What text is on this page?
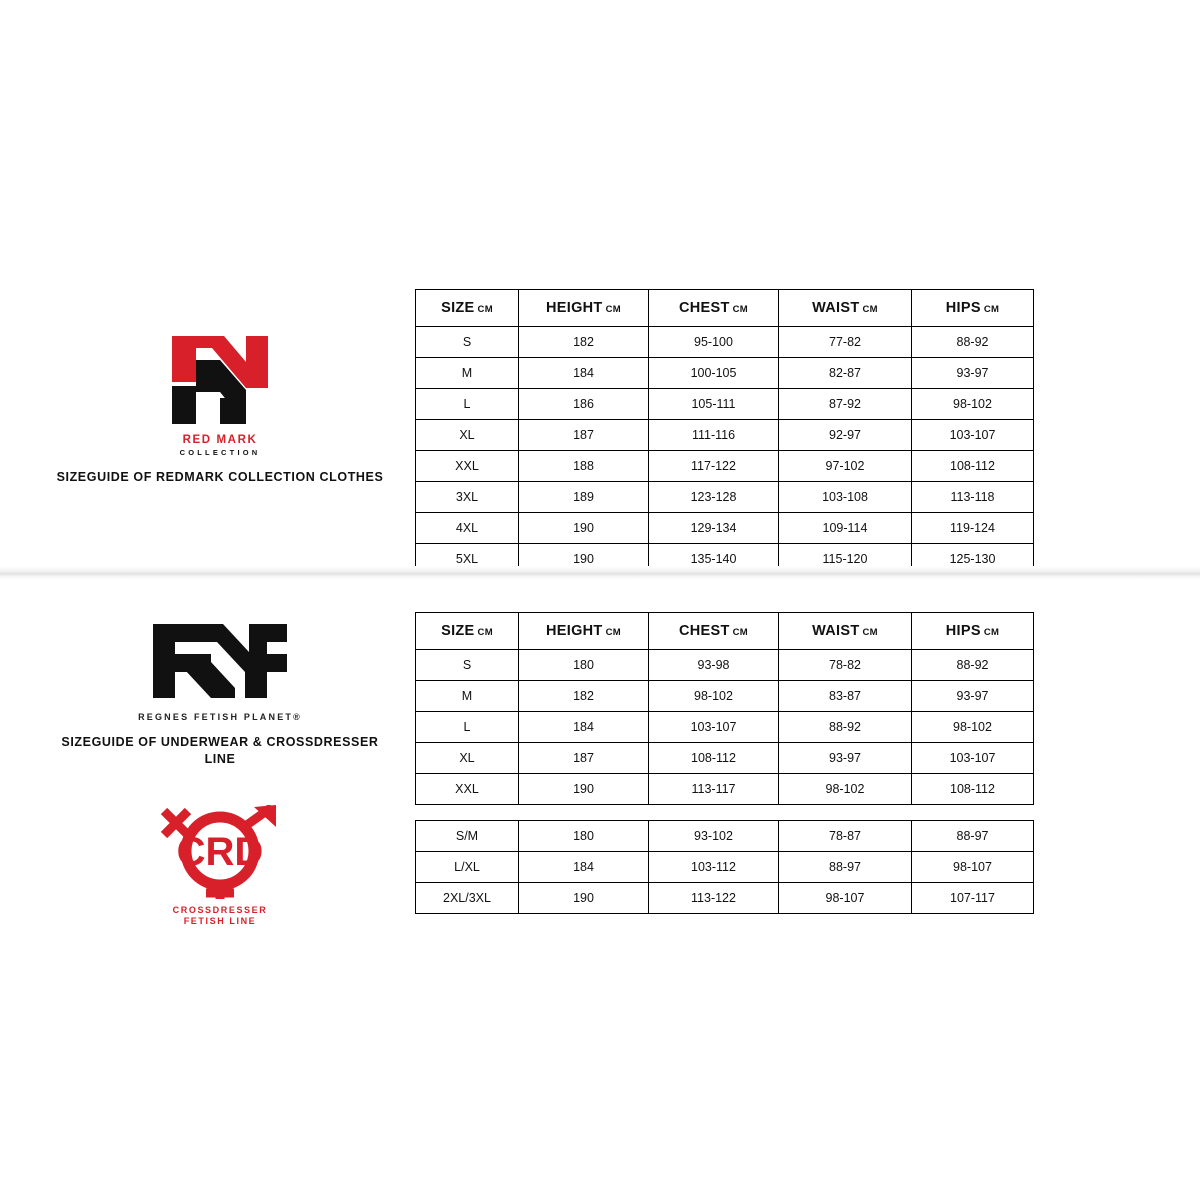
RED MARK
COLLECTION
SIZEGUIDE OF REDMARK COLLECTION CLOTHES
SIZE CM	HEIGHT CM	CHEST CM	WAIST CM	HIPS CM
S	182	95-100	77-82	88-92
M	184	100-105	82-87	93-97
L	186	105-111	87-92	98-102
XL	187	111-116	92-97	103-107
XXL	188	117-122	97-102	108-112
3XL	189	123-128	103-108	113-118
4XL	190	129-134	109-114	119-124
5XL	190	135-140	115-120	125-130
REGNES FETISH PLANET®
SIZEGUIDE OF UNDERWEAR & CROSSDRESSER LINE
CRD
CROSSDRESSER
FETISH LINE
SIZE CM	HEIGHT CM	CHEST CM	WAIST CM	HIPS CM
S	180	93-98	78-82	88-92
M	182	98-102	83-87	93-97
L	184	103-107	88-92	98-102
XL	187	108-112	93-97	103-107
XXL	190	113-117	98-102	108-112
S/M	180	93-102	78-87	88-97
L/XL	184	103-112	88-97	98-107
2XL/3XL	190	113-122	98-107	107-117
